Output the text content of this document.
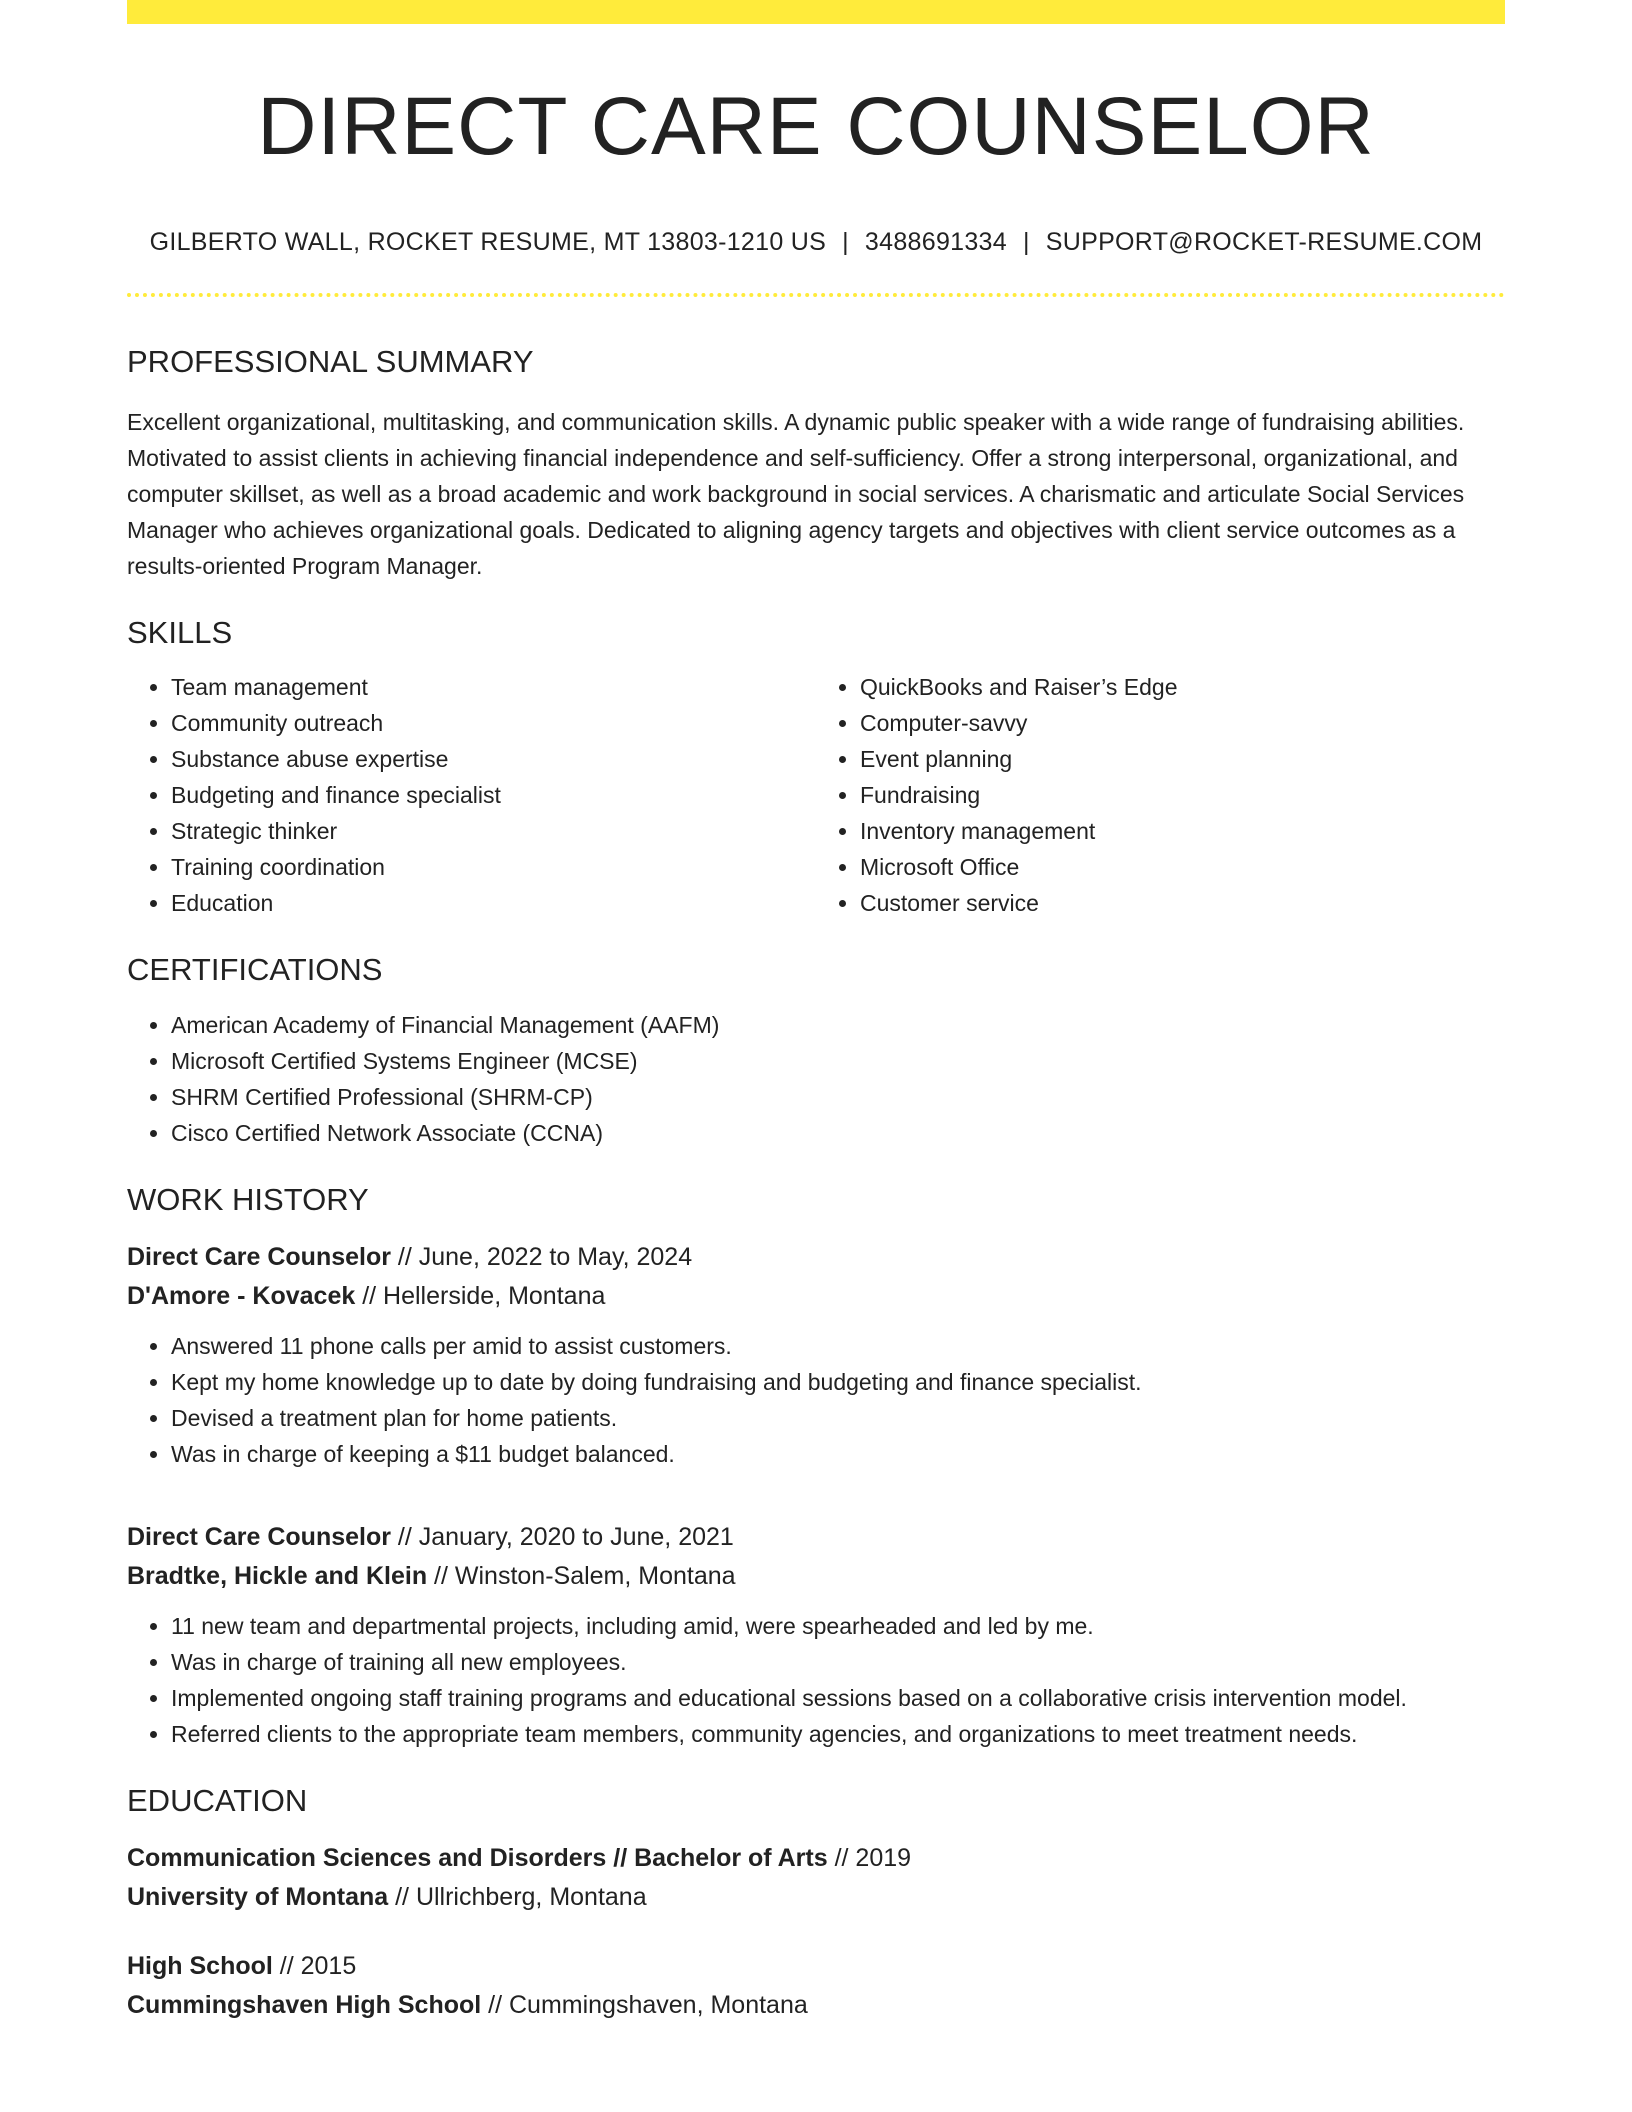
DIRECT CARE COUNSELOR
GILBERTO WALL, ROCKET RESUME, MT 13803-1210 US | 3488691334 | SUPPORT@ROCKET-RESUME.COM
PROFESSIONAL SUMMARY
Excellent organizational, multitasking, and communication skills. A dynamic public speaker with a wide range of fundraising abilities. Motivated to assist clients in achieving financial independence and self-sufficiency. Offer a strong interpersonal, organizational, and computer skillset, as well as a broad academic and work background in social services. A charismatic and articulate Social Services Manager who achieves organizational goals. Dedicated to aligning agency targets and objectives with client service outcomes as a results-oriented Program Manager.
SKILLS
• Team management
• Community outreach
• Substance abuse expertise
• Budgeting and finance specialist
• Strategic thinker
• Training coordination
• Education
• QuickBooks and Raiser’s Edge
• Computer-savvy
• Event planning
• Fundraising
• Inventory management
• Microsoft Office
• Customer service
CERTIFICATIONS
• American Academy of Financial Management (AAFM)
• Microsoft Certified Systems Engineer (MCSE)
• SHRM Certified Professional (SHRM-CP)
• Cisco Certified Network Associate (CCNA)
WORK HISTORY
Direct Care Counselor // June, 2022 to May, 2024
D'Amore - Kovacek // Hellerside, Montana
• Answered 11 phone calls per amid to assist customers.
• Kept my home knowledge up to date by doing fundraising and budgeting and finance specialist.
• Devised a treatment plan for home patients.
• Was in charge of keeping a $11 budget balanced.
Direct Care Counselor // January, 2020 to June, 2021
Bradtke, Hickle and Klein // Winston-Salem, Montana
• 11 new team and departmental projects, including amid, were spearheaded and led by me.
• Was in charge of training all new employees.
• Implemented ongoing staff training programs and educational sessions based on a collaborative crisis intervention model.
• Referred clients to the appropriate team members, community agencies, and organizations to meet treatment needs.
EDUCATION
Communication Sciences and Disorders // Bachelor of Arts // 2019
University of Montana // Ullrichberg, Montana
High School // 2015
Cummingshaven High School // Cummingshaven, Montana
